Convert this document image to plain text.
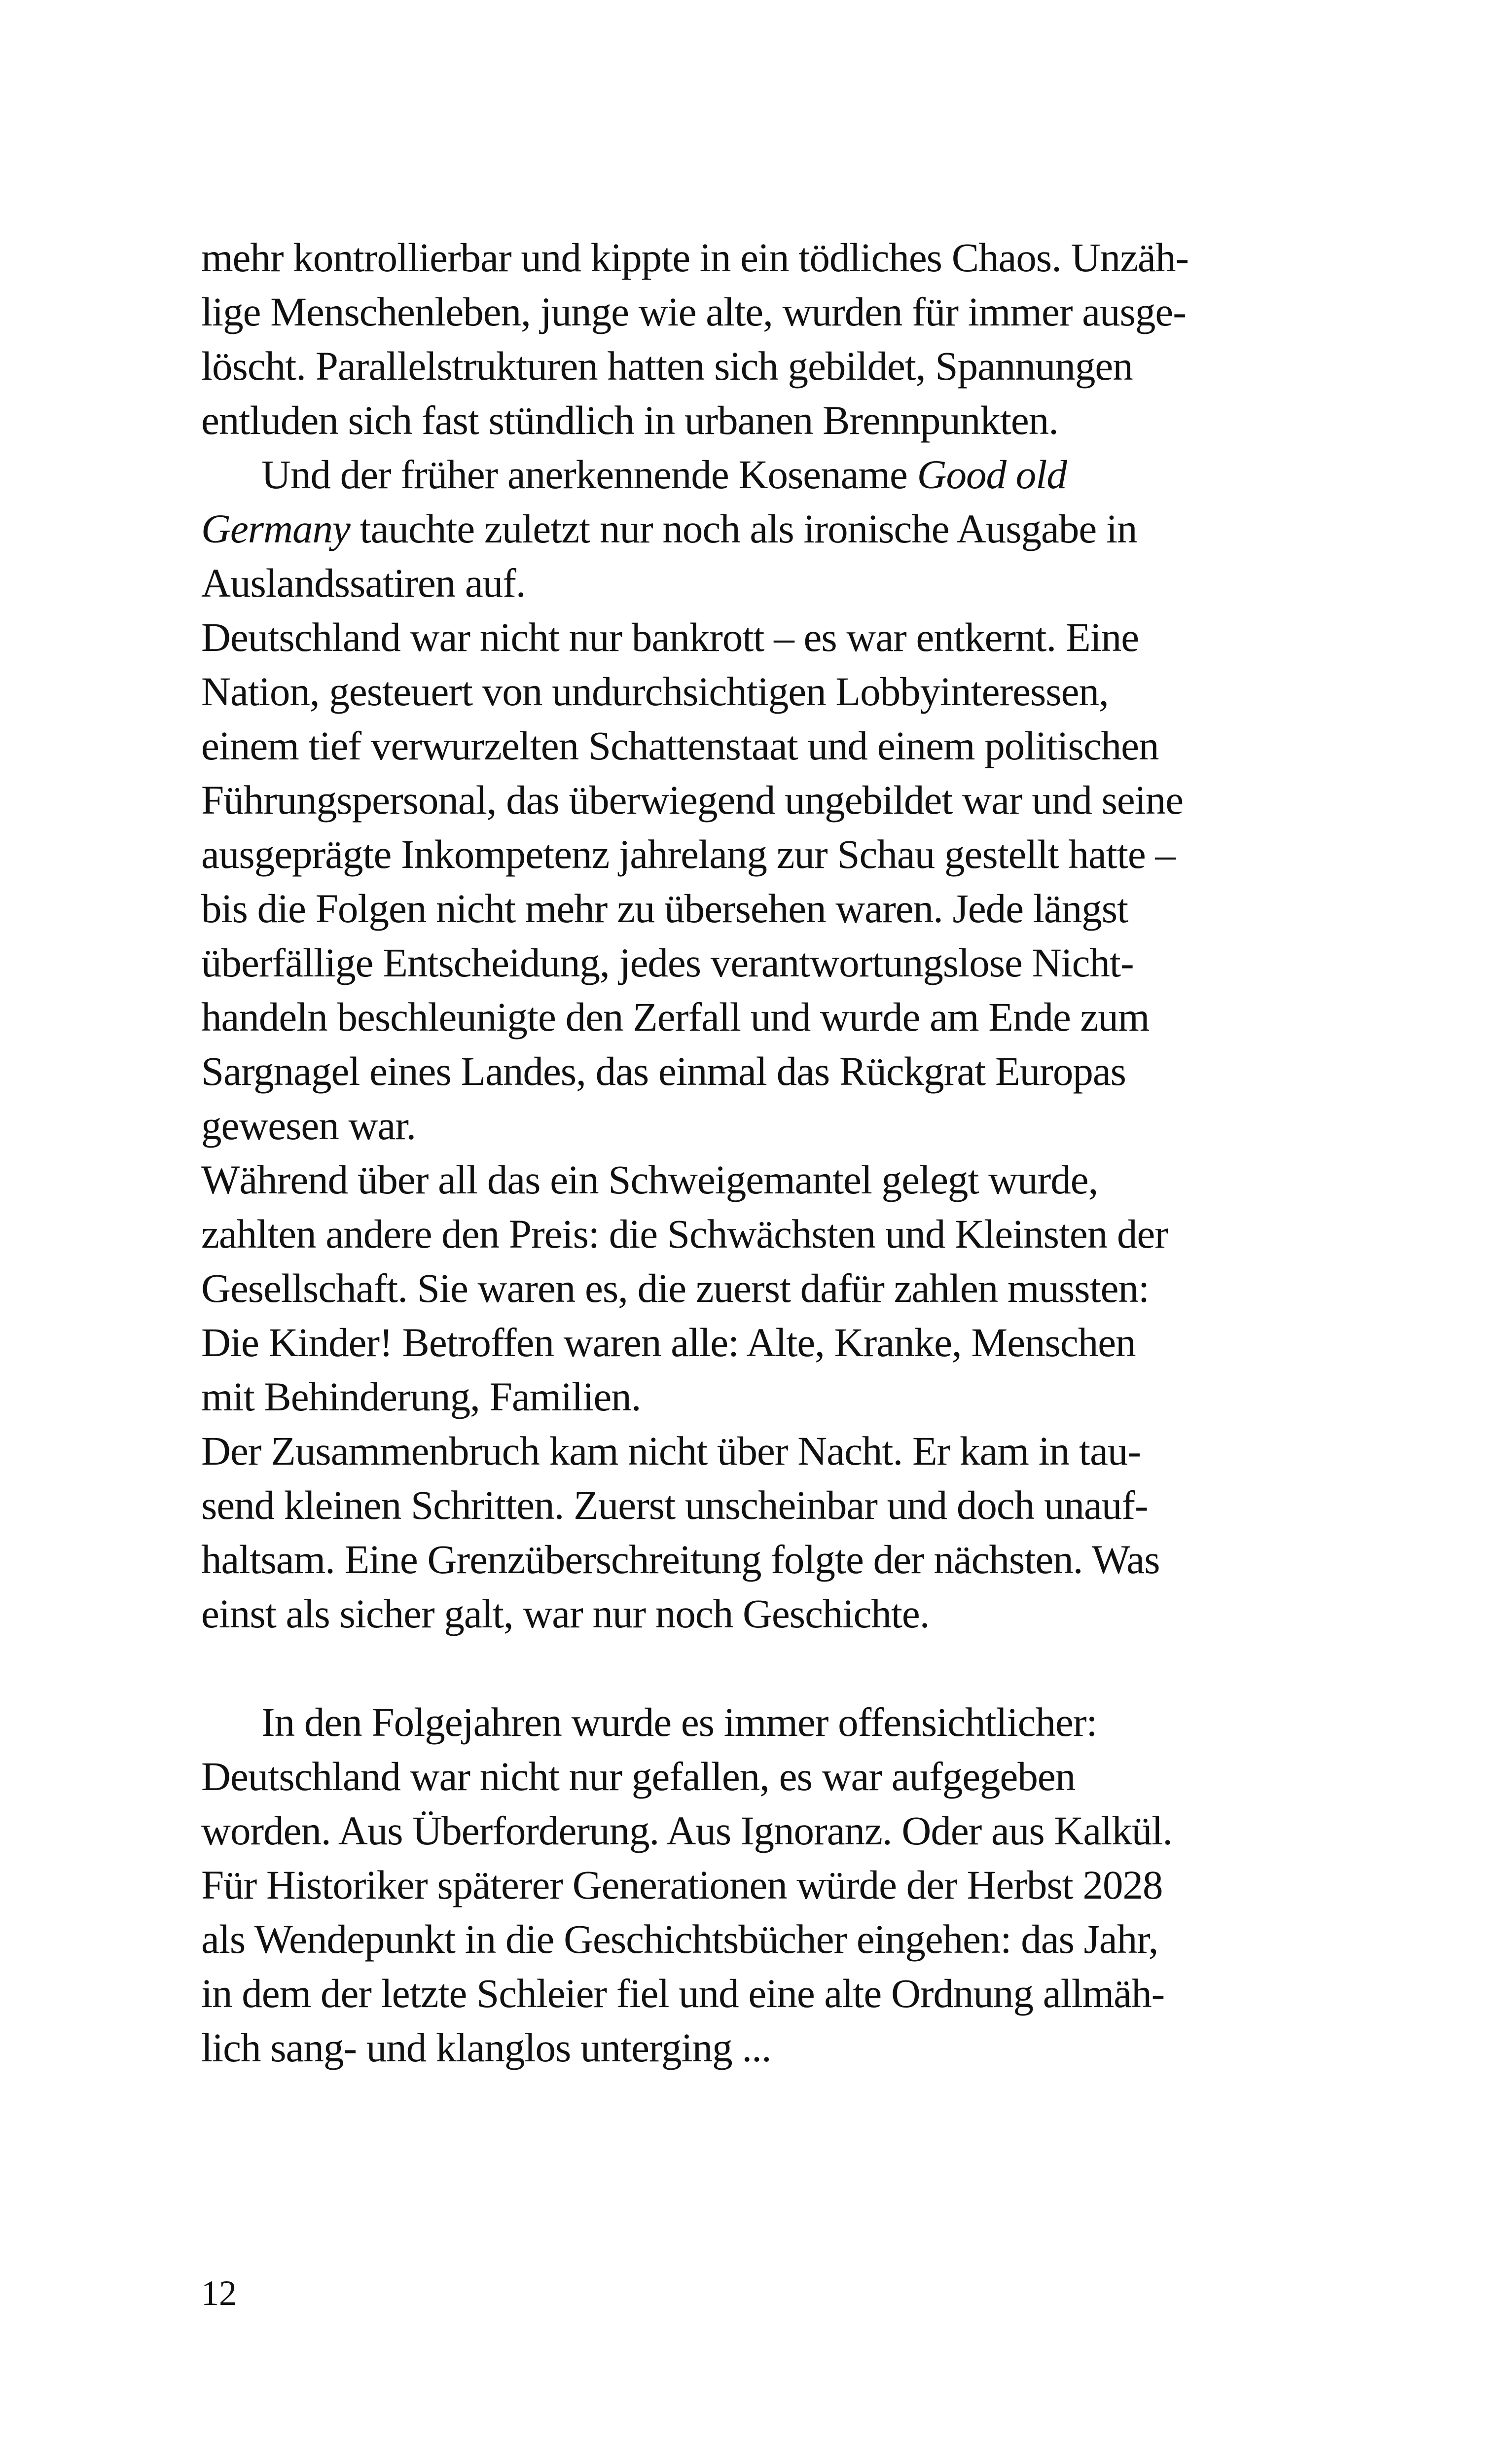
mehr kontrollierbar und kippte in ein tödliches Chaos. Unzäh-
lige Menschenleben, junge wie alte, wurden für immer ausge-
löscht. Parallelstrukturen hatten sich gebildet, Spannungen
entluden sich fast stündlich in urbanen Brennpunkten.
Und der früher anerkennende Kosename Good old
Germany tauchte zuletzt nur noch als ironische Ausgabe in
Auslandssatiren auf.
Deutschland war nicht nur bankrott – es war entkernt. Eine
Nation, gesteuert von undurchsichtigen Lobbyinteressen,
einem tief verwurzelten Schattenstaat und einem politischen
Führungspersonal, das überwiegend ungebildet war und seine
ausgeprägte Inkompetenz jahrelang zur Schau gestellt hatte –
bis die Folgen nicht mehr zu übersehen waren. Jede längst
überfällige Entscheidung, jedes verantwortungslose Nicht-
handeln beschleunigte den Zerfall und wurde am Ende zum
Sargnagel eines Landes, das einmal das Rückgrat Europas
gewesen war.
Während über all das ein Schweigemantel gelegt wurde,
zahlten andere den Preis: die Schwächsten und Kleinsten der
Gesellschaft. Sie waren es, die zuerst dafür zahlen mussten:
Die Kinder! Betroffen waren alle: Alte, Kranke, Menschen
mit Behinderung, Familien.
Der Zusammenbruch kam nicht über Nacht. Er kam in tau-
send kleinen Schritten. Zuerst unscheinbar und doch unauf-
haltsam. Eine Grenzüberschreitung folgte der nächsten. Was
einst als sicher galt, war nur noch Geschichte.
In den Folgejahren wurde es immer offensichtlicher:
Deutschland war nicht nur gefallen, es war aufgegeben
worden. Aus Überforderung. Aus Ignoranz. Oder aus Kalkül.
Für Historiker späterer Generationen würde der Herbst 2028
als Wendepunkt in die Geschichtsbücher eingehen: das Jahr,
in dem der letzte Schleier fiel und eine alte Ordnung allmäh-
lich sang- und klanglos unterging ...
12
